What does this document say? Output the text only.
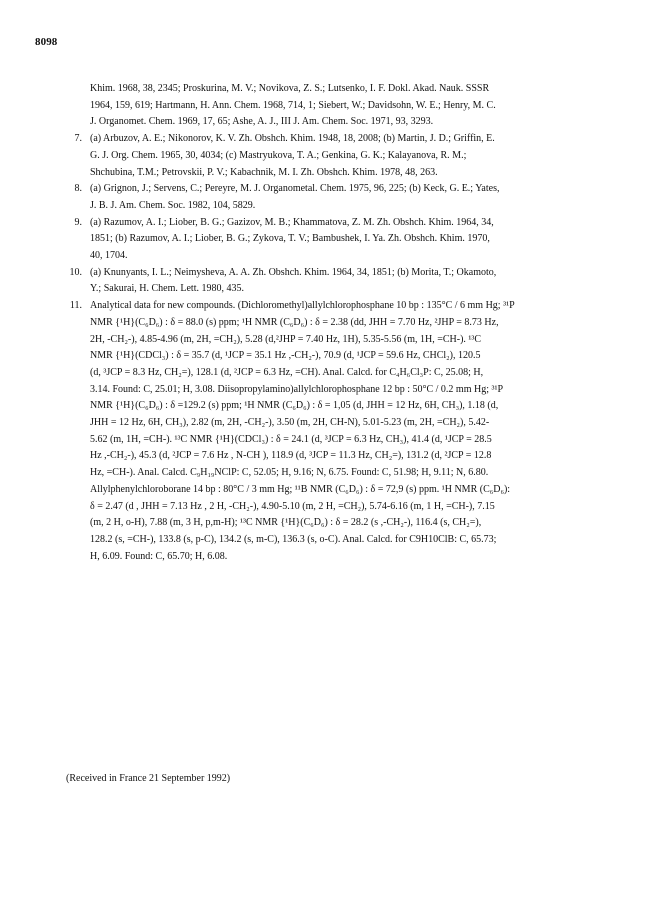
8098

Khim. 1968, 38, 2345; Proskurina, M. V.; Novikova, Z. S.; Lutsenko, I. F. Dokl. Akad. Nauk. SSSR

1964, 159, 619; Hartmann, H. Ann. Chem. 1968, 714, 1; Siebert, W.; Davidsohn, W. E.; Henry, M. C.

J. Organomet. Chem. 1969, 17, 65; Ashe, A. J., III J. Am. Chem. Soc. 1971, 93, 3293.

7. (a) Arbuzov, A. E.; Nikonorov, K. V. Zh. Obshch. Khim. 1948, 18, 2008; (b) Martin, J. D.; Griffin, E.

G. J. Org. Chem. 1965, 30, 4034; (c) Mastryukova, T. A.; Genkina, G. K.; Kalayanova, R. M.;

Shchubina, T.M.; Petrovskii, P. V.; Kabachnik, M. I. Zh. Obshch. Khim. 1978, 48, 263.

8. (a) Grignon, J.; Servens, C.; Pereyre, M. J. Organometal. Chem. 1975, 96, 225; (b) Keck, G. E.; Yates,

J. B. J. Am. Chem. Soc. 1982, 104, 5829.

9. (a) Razumov, A. I.; Liober, B. G.; Gazizov, M. B.; Khammatova, Z. M. Zh. Obshch. Khim. 1964, 34,

1851; (b) Razumov, A. I.; Liober, B. G.; Zykova, T. V.; Bambushek, I. Ya. Zh. Obshch. Khim. 1970,

40, 1704.

10. (a) Knunyants, I. L.; Neimysheva, A. A. Zh. Obshch. Khim. 1964, 34, 1851; (b) Morita, T.; Okamoto,

Y.; Sakurai, H. Chem. Lett. 1980, 435.

11. Analytical data for new compounds. (Dichloromethyl)allylchlorophosphane 10 bp : 135°C / 6 mm Hg; ³¹P

NMR {¹H}(C₆D₆) : δ = 88.0 (s) ppm; ¹H NMR (C₆D₆) : δ = 2.38 (dd, JHH = 7.70 Hz, ²JHP = 8.73 Hz,

2H, -CH₂-), 4.85-4.96 (m, 2H, =CH₂), 5.28 (d,²JHP = 7.40 Hz, 1H), 5.35-5.56 (m, 1H, =CH-). ¹³C

NMR {¹H}(CDCl₃) : δ = 35.7 (d, ¹JCP = 35.1 Hz ,-CH₂-), 70.9 (d, ¹JCP = 59.6 Hz, CHCl₂), 120.5

(d, ³JCP = 8.3 Hz, CH₂=), 128.1 (d, ²JCP = 6.3 Hz, =CH). Anal. Calcd. for C₄H₆Cl₃P: C, 25.08; H,

3.14. Found: C, 25.01; H, 3.08. Diisopropylamino)allylchlorophosphane 12 bp : 50°C / 0.2 mm Hg; ³¹P

NMR {¹H}(C₆D₆) : δ =129.2 (s) ppm; ¹H NMR (C₆D₆) : δ = 1,05 (d, JHH = 12 Hz, 6H, CH₃), 1.18 (d,

JHH = 12 Hz, 6H, CH₃), 2.82 (m, 2H, -CH₂-), 3.50 (m, 2H, CH-N), 5.01-5.23 (m, 2H, =CH₂), 5.42-

5.62 (m, 1H, =CH-). ¹³C NMR {¹H}(CDCl₃) : δ = 24.1 (d, ³JCP = 6.3 Hz, CH₃), 41.4 (d, ¹JCP = 28.5

Hz ,-CH₂-), 45.3 (d, ²JCP = 7.6 Hz , N-CH ), 118.9 (d, ³JCP = 11.3 Hz, CH₂=), 131.2 (d, ²JCP = 12.8

Hz, =CH-). Anal. Calcd. C₉H₁₉NClP: C, 52.05; H, 9.16; N, 6.75. Found: C, 51.98; H, 9.11; N, 6.80.

Allylphenylchloroborane 14 bp : 80°C / 3 mm Hg; ¹¹B NMR (C₆D₆) : δ = 72,9 (s) ppm. ¹H NMR (C₆D₆):

δ = 2.47 (d , JHH = 7.13 Hz , 2 H, -CH₂-), 4.90-5.10 (m, 2 H, =CH₂), 5.74-6.16 (m, 1 H, =CH-), 7.15

(m, 2 H, o-H), 7.88 (m, 3 H, p,m-H); ¹³C NMR {¹H}(C₆D₆) : δ = 28.2 (s ,-CH₂-), 116.4 (s, CH₂=),

128.2 (s, =CH-), 133.8 (s, p-C), 134.2 (s, m-C), 136.3 (s, o-C). Anal. Calcd. for C9H10ClB: C, 65.73;

H, 6.09. Found: C, 65.70; H, 6.08.

(Received in France 21 September 1992)
